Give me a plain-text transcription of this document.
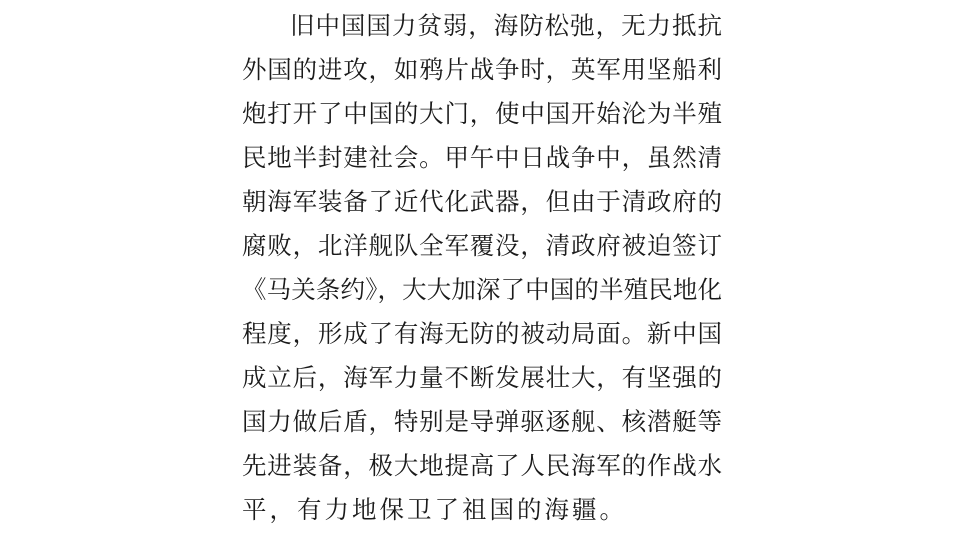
旧中国国力贫弱，海防松弛，无力抵抗
外国的进攻，如鸦片战争时，英军用坚船利
炮打开了中国的大门，使中国开始沦为半殖
民地半封建社会。甲午中日战争中，虽然清
朝海军装备了近代化武器，但由于清政府的
腐败，北洋舰队全军覆没，清政府被迫签订
《马关条约》，大大加深了中国的半殖民地化
程度，形成了有海无防的被动局面。新中国
成立后，海军力量不断发展壮大，有坚强的
国力做后盾，特别是导弹驱逐舰、核潜艇等
先进装备，极大地提高了人民海军的作战水
平，有力地保卫了祖国的海疆。
